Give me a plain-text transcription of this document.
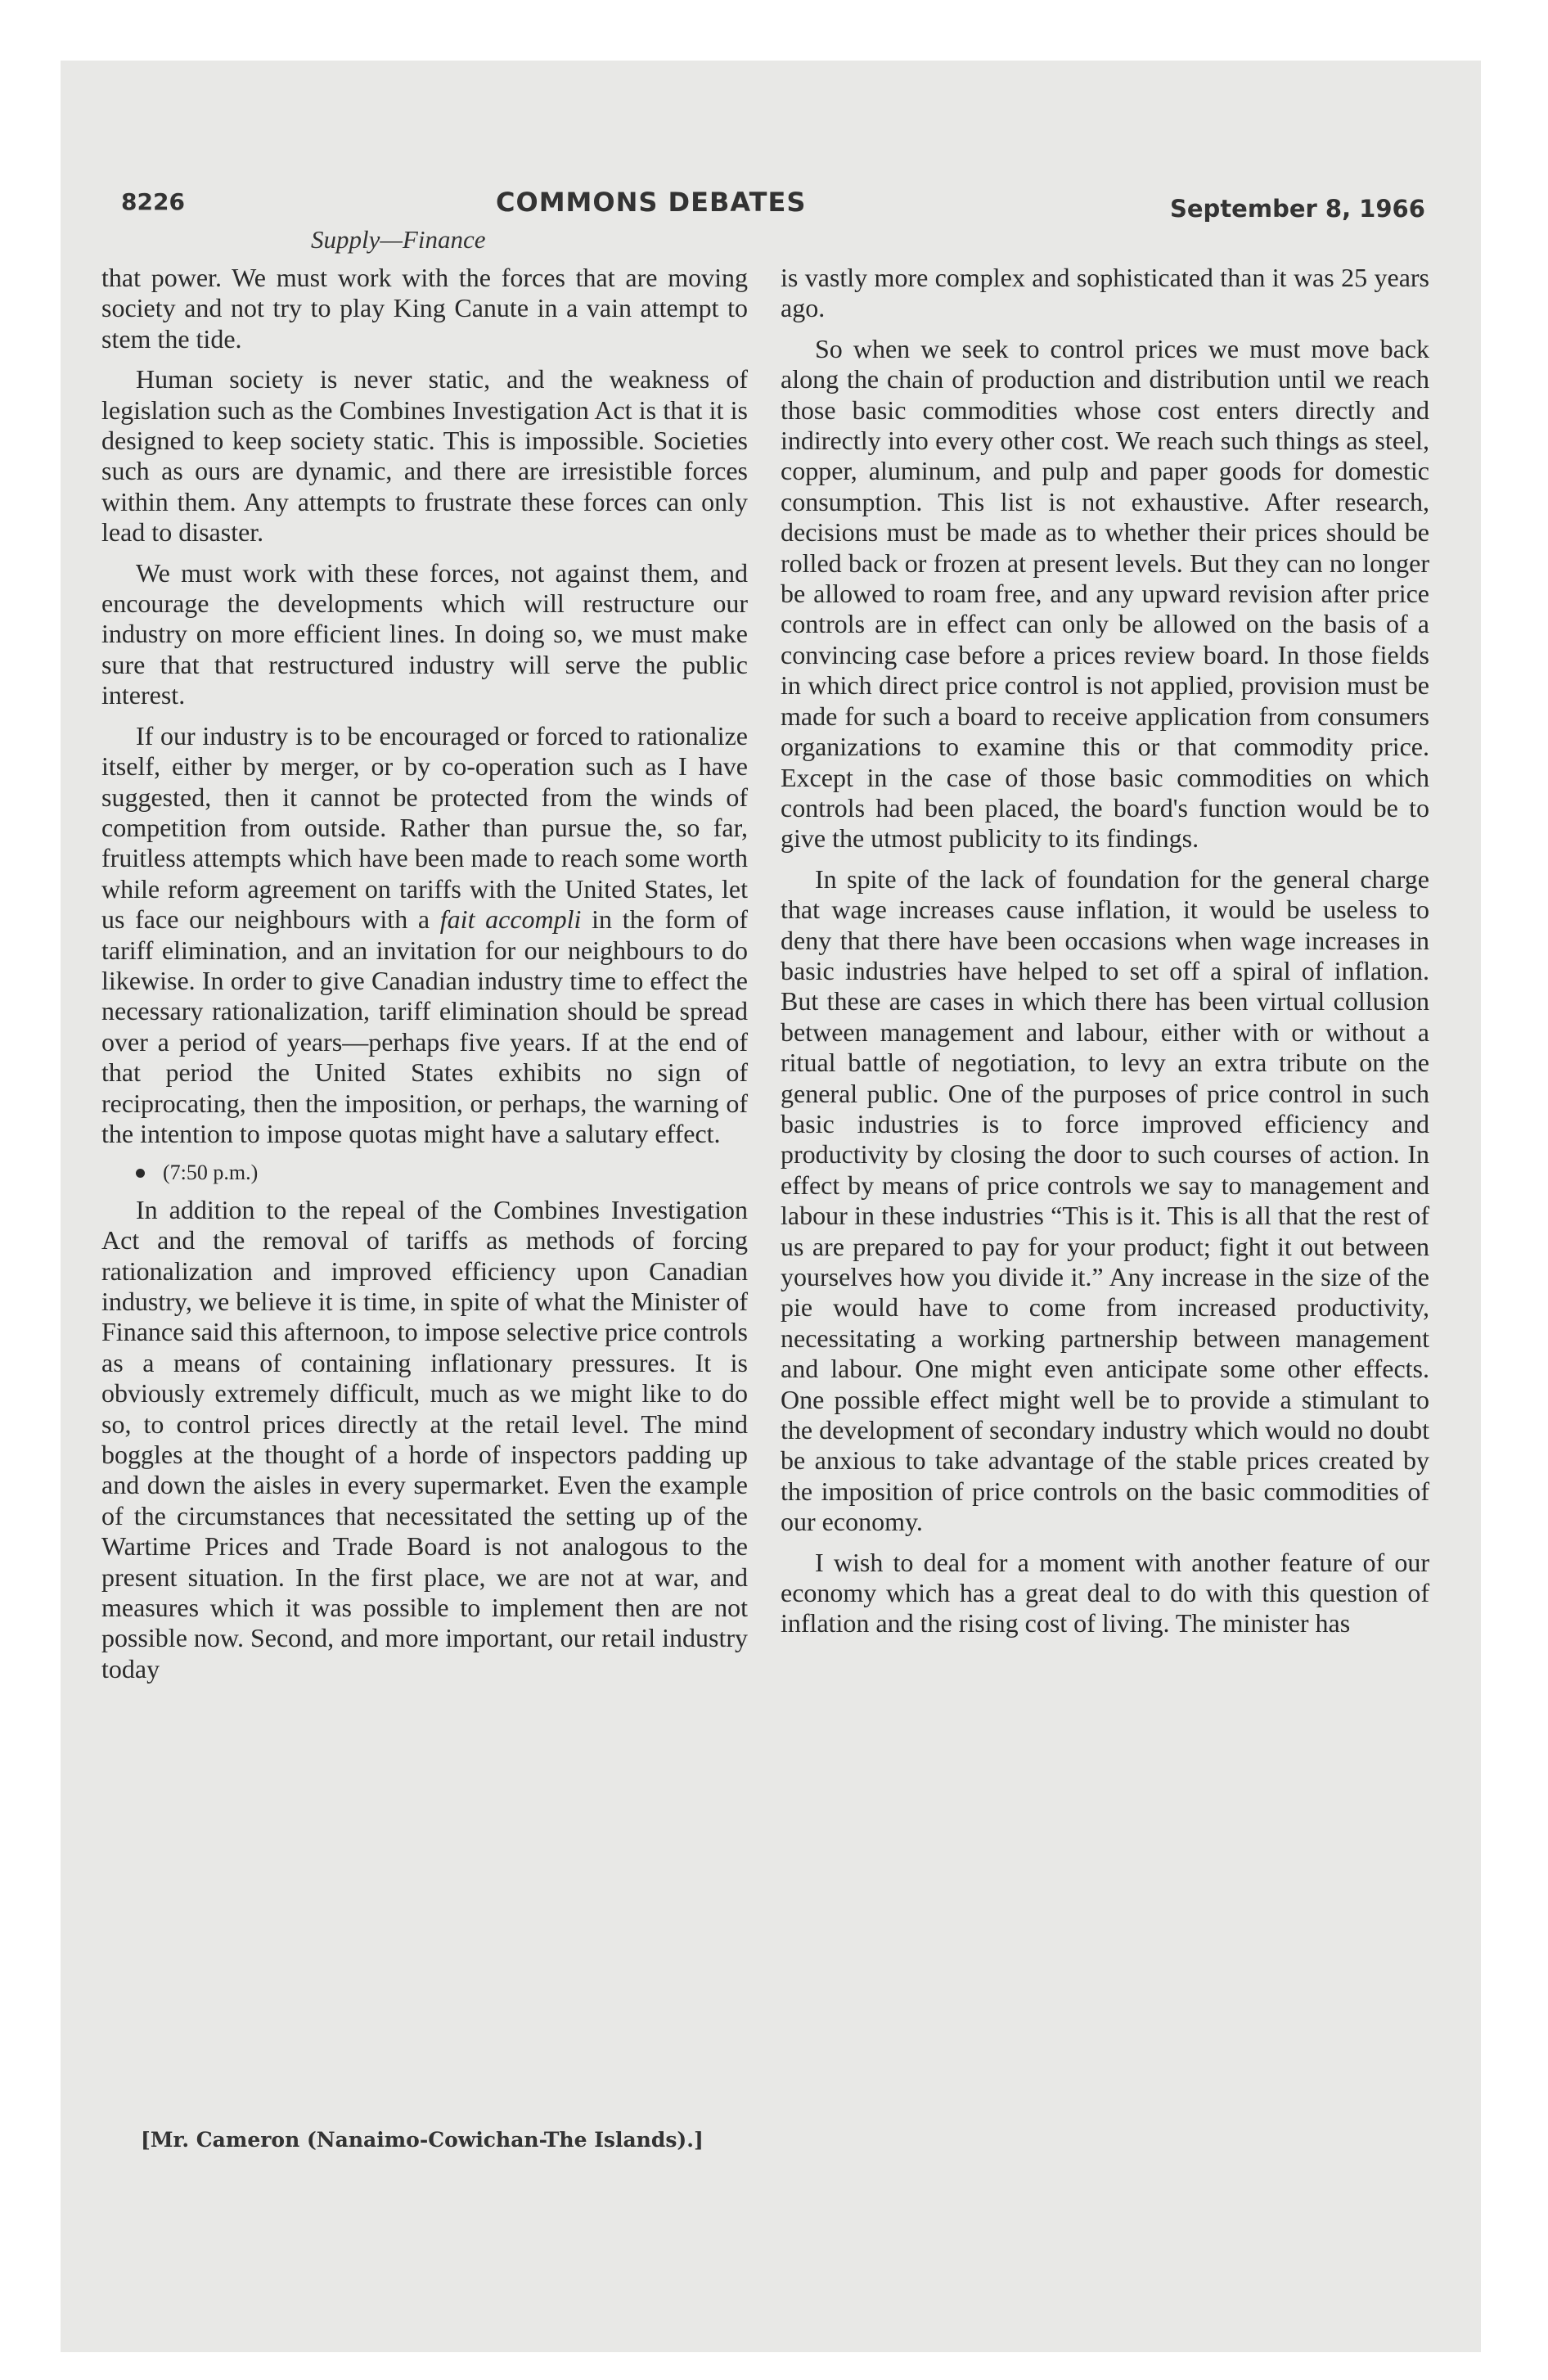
8226	COMMONS DEBATES	September 8, 1966
Supply—Finance

that power. We must work with the forces that are moving society and not try to play King Canute in a vain attempt to stem the tide.

Human society is never static, and the weakness of legislation such as the Combines Investigation Act is that it is designed to keep society static. This is impossible. Societies such as ours are dynamic, and there are irresistible forces within them. Any attempts to frustrate these forces can only lead to disaster.

We must work with these forces, not against them, and encourage the developments which will restructure our industry on more efficient lines. In doing so, we must make sure that that restructured industry will serve the public interest.

If our industry is to be encouraged or forced to rationalize itself, either by merger, or by co-operation such as I have suggested, then it cannot be protected from the winds of competition from outside. Rather than pursue the, so far, fruitless attempts which have been made to reach some worth while reform agreement on tariffs with the United States, let us face our neighbours with a fait accompli in the form of tariff elimination, and an invitation for our neighbours to do likewise. In order to give Canadian industry time to effect the necessary rationalization, tariff elimination should be spread over a period of years—perhaps five years. If at the end of that period the United States exhibits no sign of reciprocating, then the imposition, or perhaps, the warning of the intention to impose quotas might have a salutary effect.

(7:50 p.m.)

In addition to the repeal of the Combines Investigation Act and the removal of tariffs as methods of forcing rationalization and improved efficiency upon Canadian industry, we believe it is time, in spite of what the Minister of Finance said this afternoon, to impose selective price controls as a means of containing inflationary pressures. It is obviously extremely difficult, much as we might like to do so, to control prices directly at the retail level. The mind boggles at the thought of a horde of inspectors padding up and down the aisles in every supermarket. Even the example of the circumstances that necessitated the setting up of the Wartime Prices and Trade Board is not analogous to the present situation. In the first place, we are not at war, and measures which it was possible to implement then are not possible now. Second, and more important, our retail industry today

is vastly more complex and sophisticated than it was 25 years ago.

So when we seek to control prices we must move back along the chain of production and distribution until we reach those basic commodities whose cost enters directly and indirectly into every other cost. We reach such things as steel, copper, aluminum, and pulp and paper goods for domestic consumption. This list is not exhaustive. After research, decisions must be made as to whether their prices should be rolled back or frozen at present levels. But they can no longer be allowed to roam free, and any upward revision after price controls are in effect can only be allowed on the basis of a convincing case before a prices review board. In those fields in which direct price control is not applied, provision must be made for such a board to receive application from consumers organizations to examine this or that commodity price. Except in the case of those basic commodities on which controls had been placed, the board's function would be to give the utmost publicity to its findings.

In spite of the lack of foundation for the general charge that wage increases cause inflation, it would be useless to deny that there have been occasions when wage increases in basic industries have helped to set off a spiral of inflation. But these are cases in which there has been virtual collusion between management and labour, either with or without a ritual battle of negotiation, to levy an extra tribute on the general public. One of the purposes of price control in such basic industries is to force improved efficiency and productivity by closing the door to such courses of action. In effect by means of price controls we say to management and labour in these industries “This is it. This is all that the rest of us are prepared to pay for your product; fight it out between yourselves how you divide it.” Any increase in the size of the pie would have to come from increased productivity, necessitating a working partnership between management and labour. One might even anticipate some other effects. One possible effect might well be to provide a stimulant to the development of secondary industry which would no doubt be anxious to take advantage of the stable prices created by the imposition of price controls on the basic commodities of our economy.

I wish to deal for a moment with another feature of our economy which has a great deal to do with this question of inflation and the rising cost of living. The minister has

[Mr. Cameron (Nanaimo-Cowichan-The Islands).]
